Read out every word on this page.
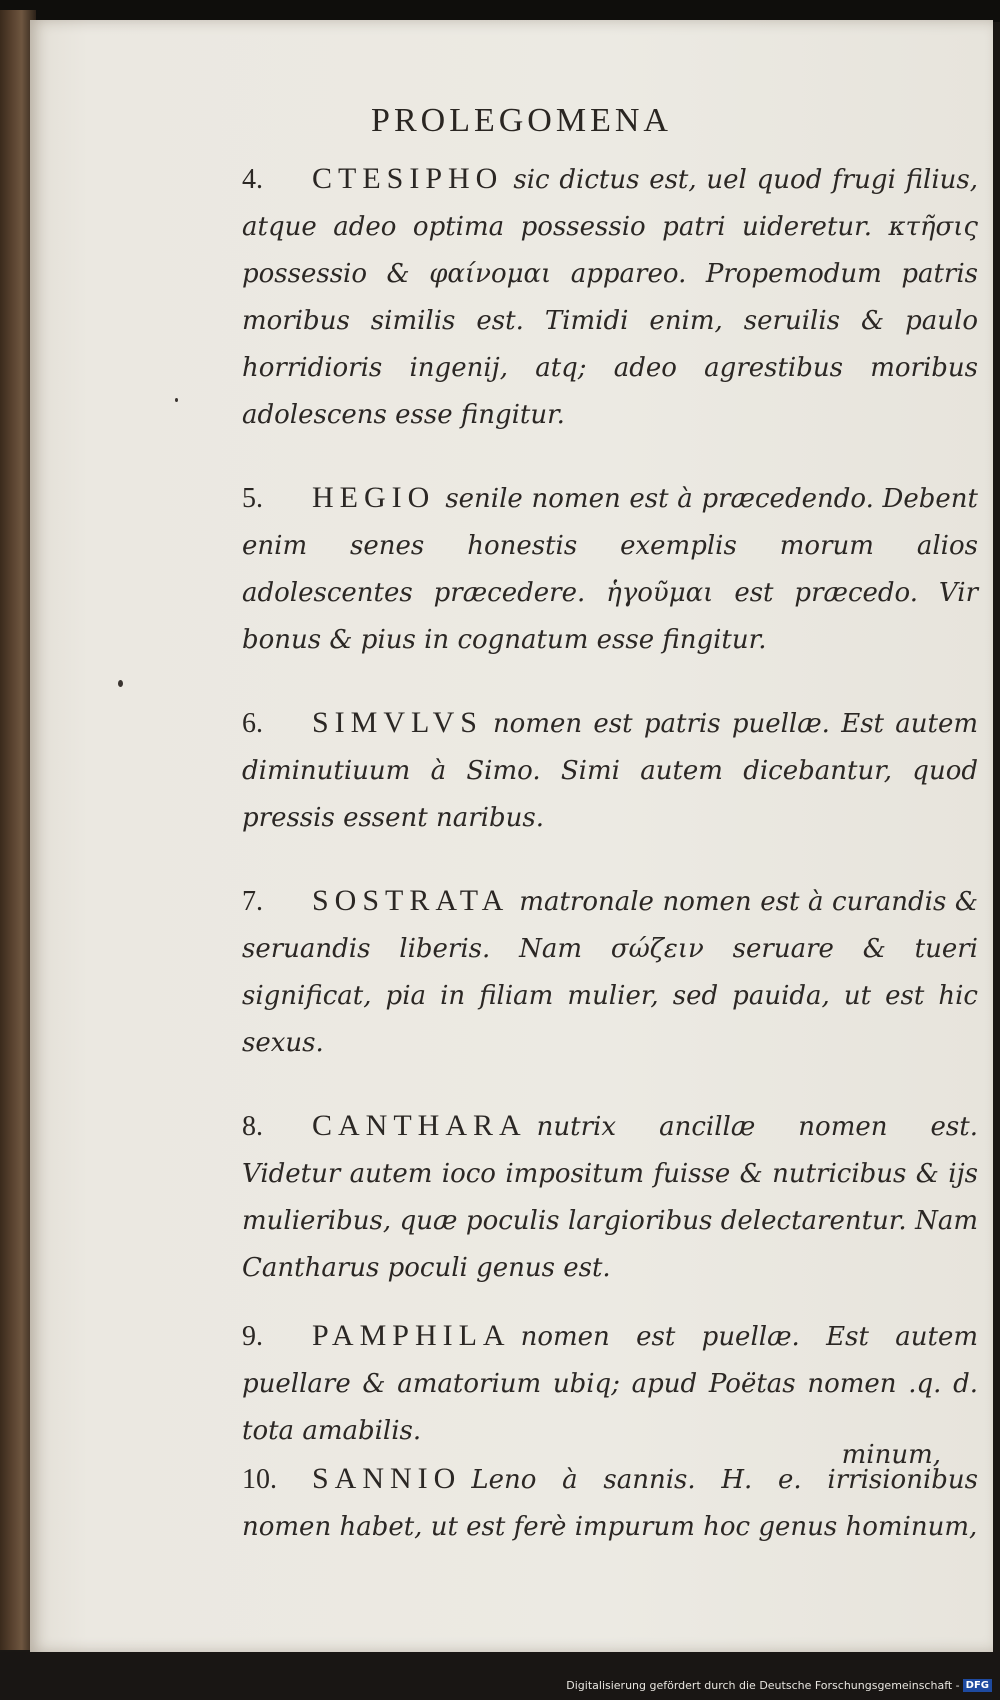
PROLEGOMENA

4. CTESIPHO sic dictus est, uel quod frugi filius, atque adeo optima possessio patri uideretur. κτῆσις possessio & φαίνομαι appareo. Propemodum patris moribus similis est. Timidi enim, seruilis & paulo horridioris ingenij, atq; adeo agrestibus moribus adolescens esse fingitur.

5. HEGIO senile nomen est à præcedendo. Debent enim senes honestis exemplis morum alios adolescentes præcedere. ἡγοῦμαι est præcedo. Vir bonus & pius in cognatum esse fingitur.

6. SIMVLVS nomen est patris puellæ. Est autem diminutiuum à Simo. Simi autem dicebantur, quod pressis essent naribus.

7. SOSTRATA matronale nomen est à curandis & seruandis liberis. Nam σώζειν seruare & tueri significat, pia in filiam mulier, sed pauida, ut est hic sexus.

8. CANTHARA nutrix ancillæ nomen est. Videtur autem ioco impositum fuisse & nutricibus & ijs mulieribus, quæ poculis largioribus delectarentur. Nam Cantharus poculi genus est.

9. PAMPHILA nomen est puellæ. Est autem puellare & amatorium ubiq; apud Poëtas nomen .q. d. tota amabilis.

10. SANNIO Leno à sannis. H. e. irrisionibus nomen habet, ut est ferè impurum hoc genus hominum,

minum,
Digitalisierung gefördert durch die Deutsche Forschungsgemeinschaft - DFG
